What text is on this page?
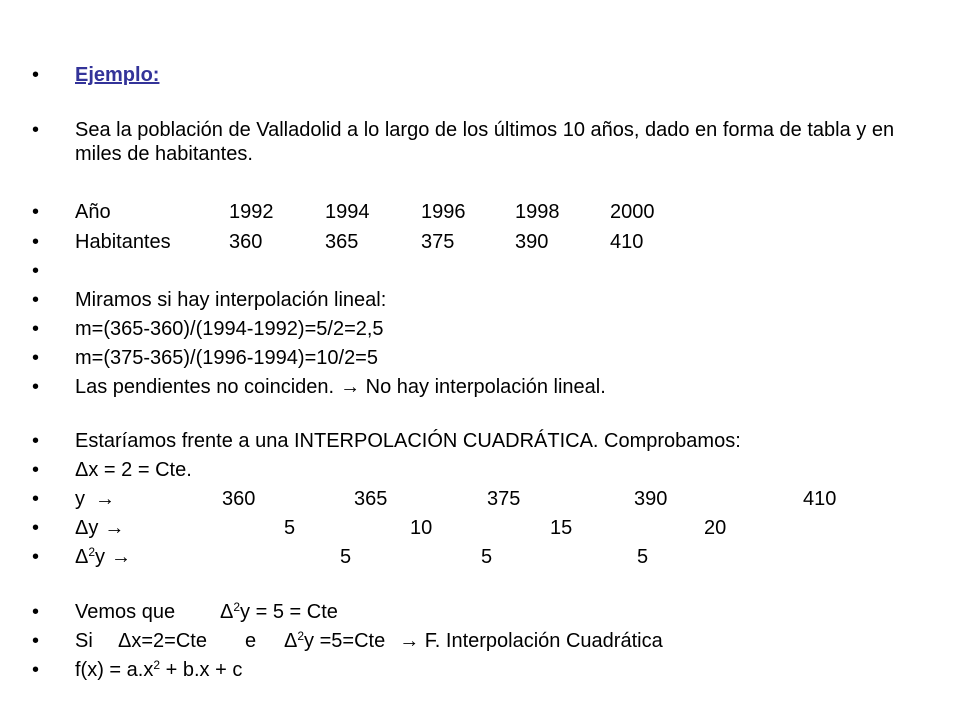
• Ejemplo:
• Sea la población de Valladolid a lo largo de los últimos 10 años, dado en forma de tabla y en miles de habitantes.
• Año	1992	1994	1996 1998	2000
• Habitantes	360	365	375	390	410
•
• Miramos si hay interpolación lineal:
• m=(365-360)/(1994-1992)=5/2=2,5
• m=(375-365)/(1996-1994)=10/2=5
• Las pendientes no coinciden. → No hay interpolación lineal.
• Estaríamos frente a una INTERPOLACIÓN CUADRÁTICA. Comprobamos:
• Δx = 2 = Cte.
• y →	360	365	375	390	410
• Δy →	5	10	15	20
• $\Delta^2y$ →	5	5	5
• Vemos que $\Delta^2y = 5$ = Cte
• Si Δx=2=Cte e $\Delta^2y =5=Cte \to F$. Interpolación Cuadrática
• $f(x) = a.x^2 + b.x + c$
